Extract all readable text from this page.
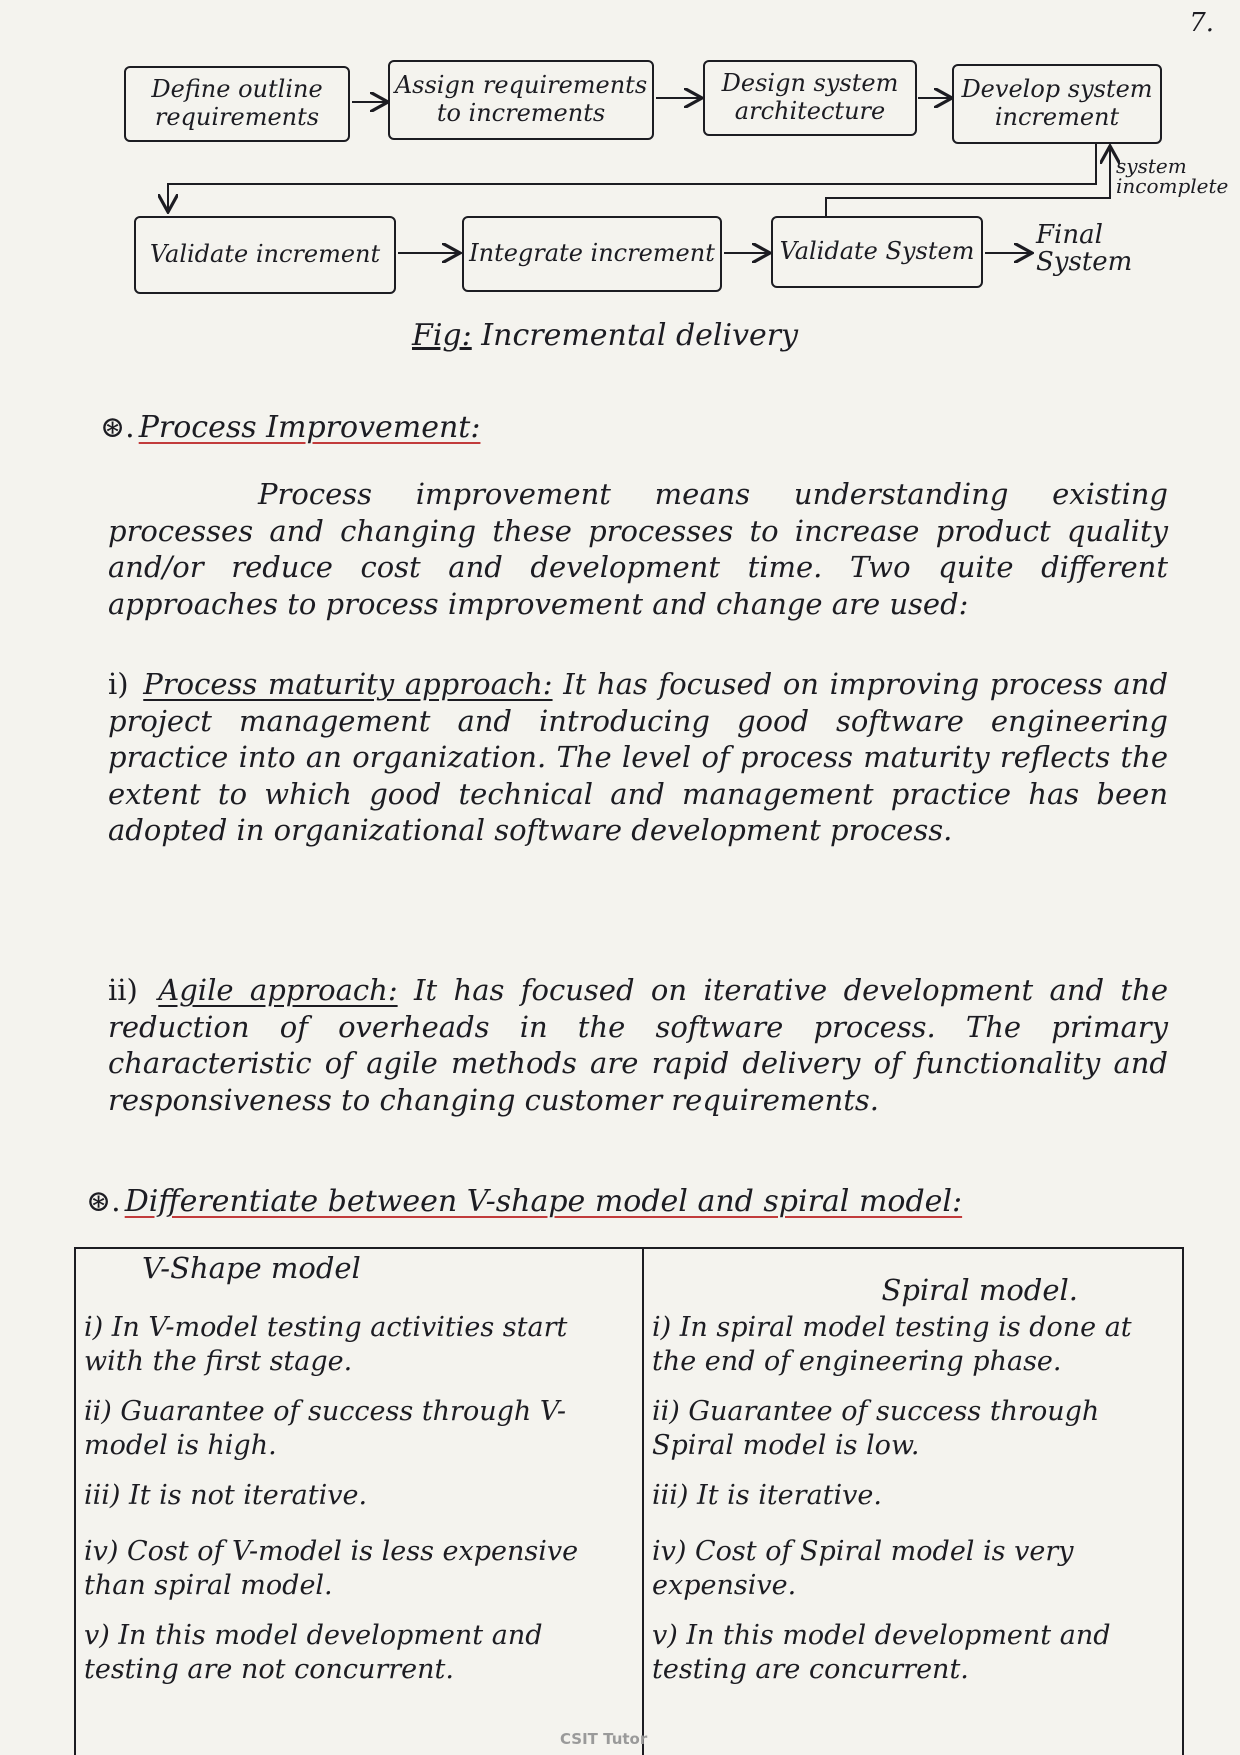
7.
Define outline requirements
Assign requirements to increments
Design system architecture
Develop system increment
system incomplete
Validate increment	Integrate increment	Validate System
Final System
Fig: Incremental delivery
⊛. Process Improvement:
Process improvement means understanding existing processes and changing these processes to increase product quality and/or reduce cost and development time. Two quite different approaches to process improvement and change are used:
i) Process maturity approach: It has focused on improving process and project management and introducing good software engineering practice into an organization. The level of process maturity reflects the extent to which good technical and management practice has been adopted in organizational software development process.
ii) Agile approach: It has focused on iterative development and the reduction of overheads in the software process. The primary characteristic of agile methods are rapid delivery of functionality and responsiveness to changing customer requirements.
⊛. Differentiate between V-shape model and spiral model:
V-Shape model
i) In V-model testing activities start with the first stage.
ii) Guarantee of success through V-model is high.
iii) It is not iterative.
iv) Cost of V-model is less expensive than spiral model.
v) In this model development and testing are not concurrent.
Spiral model.
i) In spiral model testing is done at the end of engineering phase.
ii) Guarantee of success through Spiral model is low.
iii) It is iterative.
iv) Cost of Spiral model is very expensive.
v) In this model development and testing are concurrent.
CSIT Tutor
